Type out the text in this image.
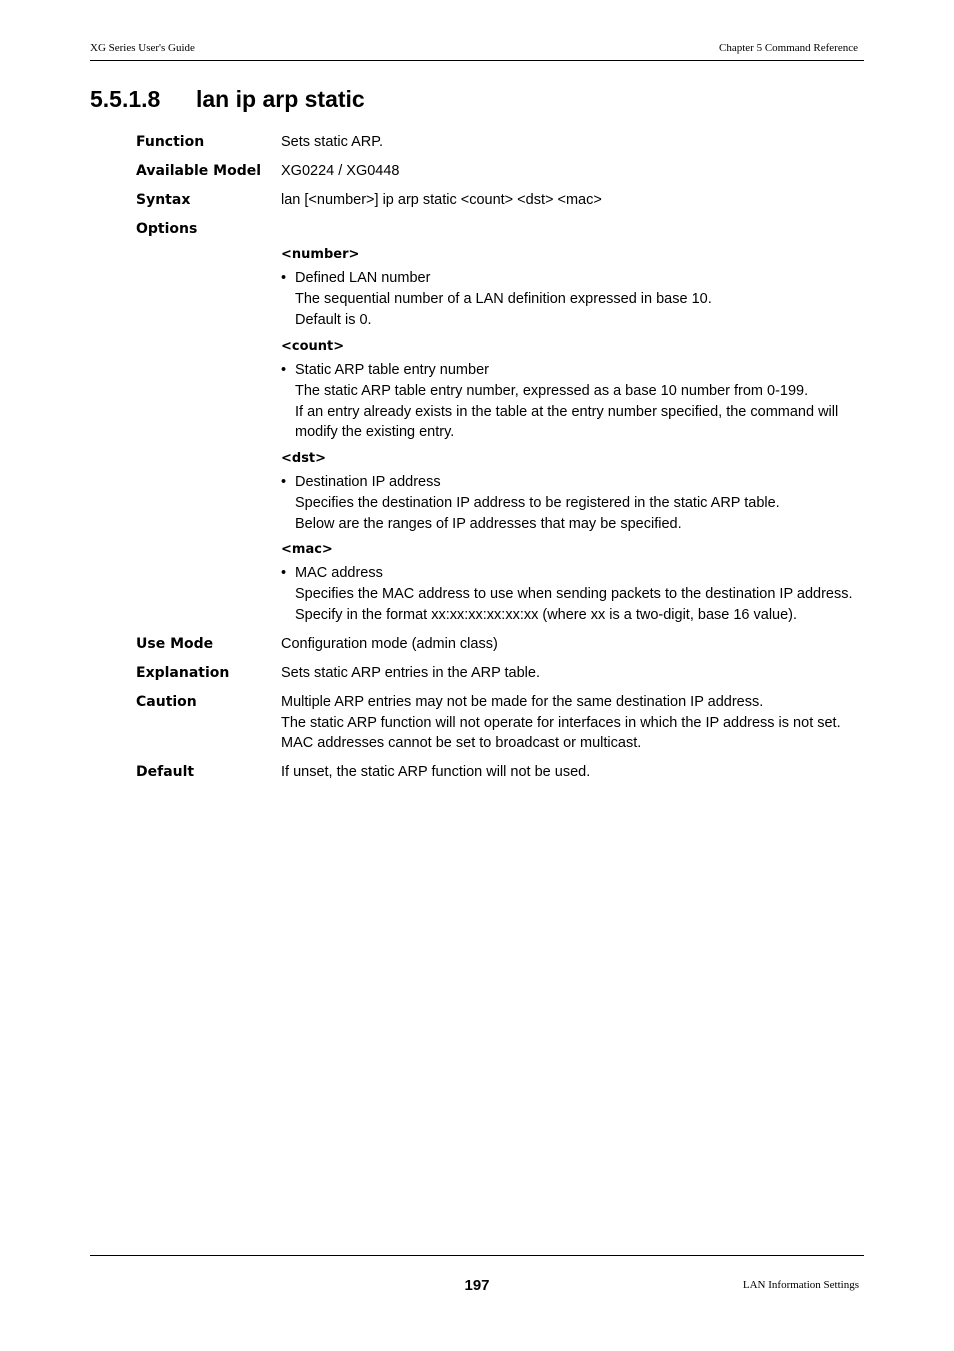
XG Series User's Guide	Chapter 5 Command Reference
5.5.1.8 lan ip arp static
Function	Sets static ARP.
Available Model XG0224 / XG0448
Syntax	lan [<number>] ip arp static <count> <dst> <mac>
Options
<number>
• Defined LAN number
The sequential number of a LAN definition expressed in base 10.
Default is 0.
<count>
• Static ARP table entry number
The static ARP table entry number, expressed as a base 10 number from 0-199.
If an entry already exists in the table at the entry number specified, the command will
modify the existing entry.
<dst>
• Destination IP address
Specifies the destination IP address to be registered in the static ARP table.
Below are the ranges of IP addresses that may be specified.
<mac>
• MAC address
Specifies the MAC address to use when sending packets to the destination IP address.
Specify in the format xx:xx:xx:xx:xx:xx (where xx is a two-digit, base 16 value).
Use Mode	Configuration mode (admin class)
Explanation	Sets static ARP entries in the ARP table.
Caution	Multiple ARP entries may not be made for the same destination IP address.
The static ARP function will not operate for interfaces in which the IP address is not set.
MAC addresses cannot be set to broadcast or multicast.
Default	If unset, the static ARP function will not be used.
197	LAN Information Settings
